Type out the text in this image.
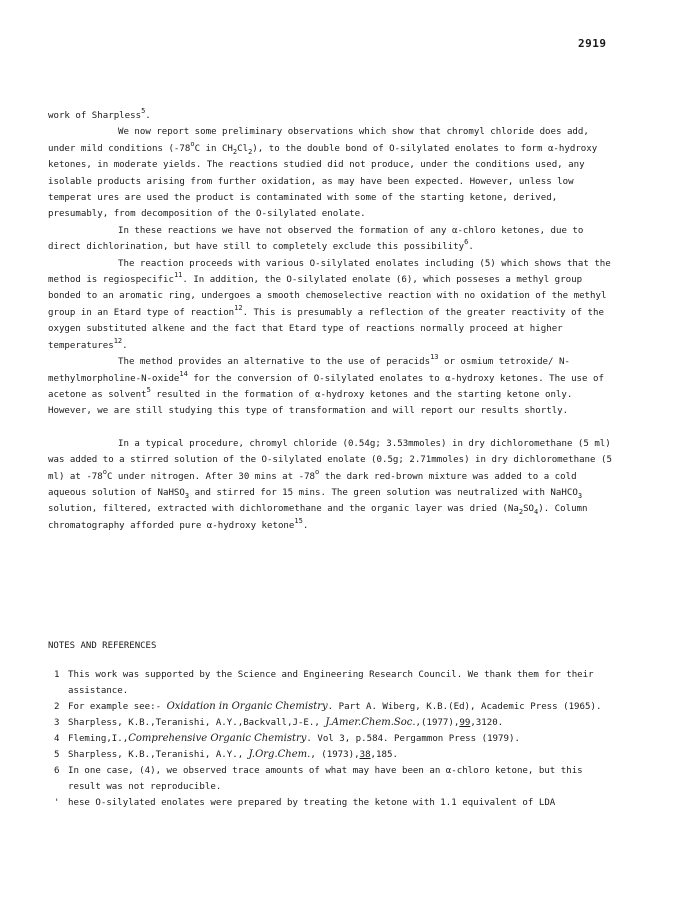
2919

work of Sharpless$^5$.

We now report some preliminary observations which show that chromyl chloride does add, under mild conditions (-78$^o$C in $CH_2Cl_2$), to the double bond of O-silylated enolates to form α-hydroxy ketones, in moderate yields. The reactions studied did not produce, under the conditions used, any isolable products arising from further oxidation, as may have been expected. However, unless low temperat ures are used the product is contaminated with some of the starting ketone, derived, presumably, from decomposition of the O-silylated enolate.

In these reactions we have not observed the formation of any α-chloro ketones, due to direct dichlorination, but have still to completely exclude this possibility$^6$.

The reaction proceeds with various O-silylated enolates including (5) which shows that the method is regiospecific$^{11}$. In addition, the O-silylated enolate (6), which posseses a methyl group bonded to an aromatic ring, undergoes a smooth chemoselective reaction with no oxidation of the methyl group in an Etard type of reaction$^{12}$. This is presumably a reflection of the greater reactivity of the oxygen substituted alkene and the fact that Etard type of reactions normally proceed at higher temperatures$^{12}$.

The method provides an alternative to the use of peracids$^{13}$ or osmium tetroxide/ N-methylmorpholine-N-oxide$^{14}$ for the conversion of O-silylated enolates to α-hydroxy ketones. The use of acetone as solvent$^5$ resulted in the formation of α-hydroxy ketones and the starting ketone only. However, we are still studying this type of transformation and will report our results shortly.

In a typical procedure, chromyl chloride (0.54g; 3.53mmoles) in dry dichloromethane (5 ml) was added to a stirred solution of the O-silylated enolate (0.5g; 2.71mmoles) in dry dichloromethane (5 ml) at -78$^o$C under nitrogen. After 30 mins at -78$^o$ the dark red-brown mixture was added to a cold aqueous solution of NaHSO$_3$ and stirred for 15 mins. The green solution was neutralized with NaHCO$_3$ solution, filtered, extracted with dichloromethane and the organic layer was dried $(Na_2SO_4)$. Column chromatography afforded pure α-hydroxy ketone$^{15}$.

NOTES AND REFERENCES
1 This work was supported by the Science and Engineering Research Council. We thank them for their assistance.
2 For example see:- Oxidation in Organic Chemistry. Part A. Wiberg, K.B.(Ed), Academic Press (1965).
3 Sharpless, K.B.,Teranishi, A.Y.,Backvall,J-E., J.Amer.Chem.Soc.,(1977),99,3120.
4 Fleming,I.,Comprehensive Organic Chemistry. Vol 3, p.584. Pergammon Press (1979).
5 Sharpless, K.B.,Teranishi, A.Y., J.Org.Chem., (1973),38,185.
6 In one case, (4), we observed trace amounts of what may have been an α-chloro ketone, but this result was not reproducible.
' hese O-silylated enolates were prepared by treating the ketone with 1.1 equivalent of LDA
